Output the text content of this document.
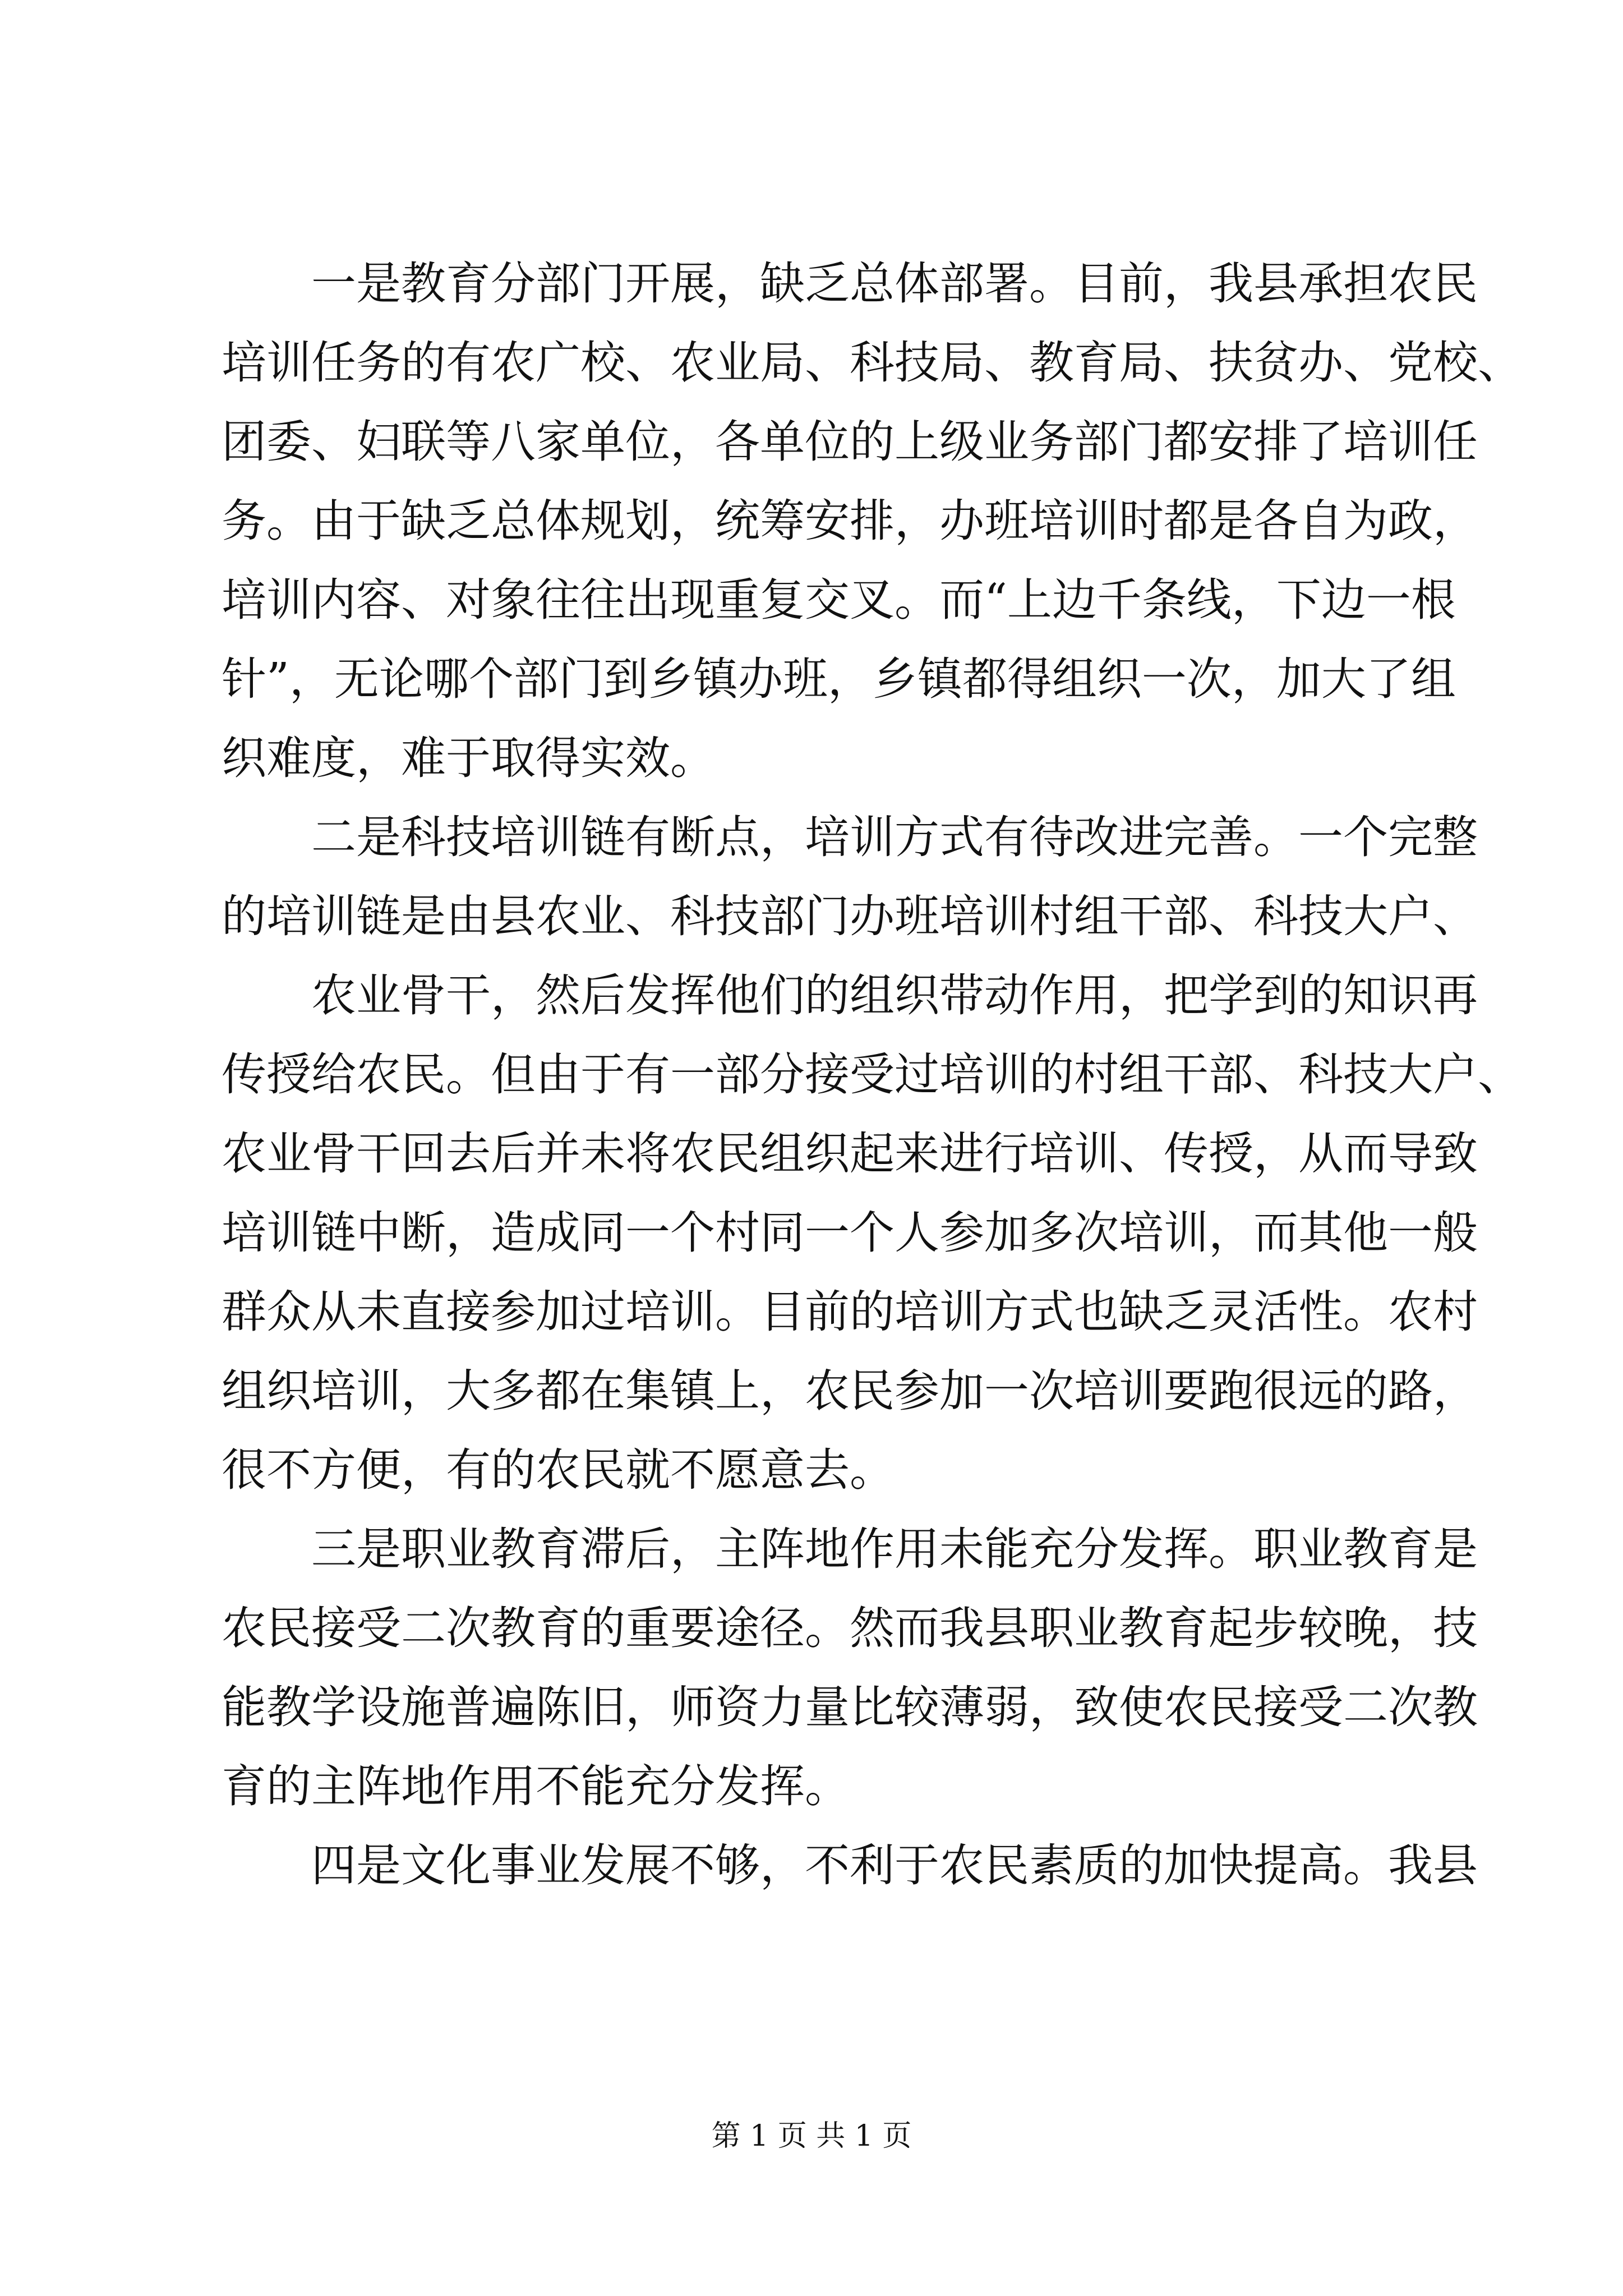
一是教育分部门开展，缺乏总体部署。目前，我县承担农民
培训任务的有农广校、农业局、科技局、教育局、扶贫办、党校、
团委、妇联等八家单位，各单位的上级业务部门都安排了培训任
务。由于缺乏总体规划，统筹安排，办班培训时都是各自为政，
培训内容、对象往往出现重复交叉。而“上边千条线，下边一根
针”，无论哪个部门到乡镇办班，乡镇都得组织一次，加大了组
织难度，难于取得实效。
二是科技培训链有断点，培训方式有待改进完善。一个完整
的培训链是由县农业、科技部门办班培训村组干部、科技大户、
农业骨干，然后发挥他们的组织带动作用，把学到的知识再
传授给农民。但由于有一部分接受过培训的村组干部、科技大户、
农业骨干回去后并未将农民组织起来进行培训、传授，从而导致
培训链中断，造成同一个村同一个人参加多次培训，而其他一般
群众从未直接参加过培训。目前的培训方式也缺乏灵活性。农村
组织培训，大多都在集镇上，农民参加一次培训要跑很远的路，
很不方便，有的农民就不愿意去。
三是职业教育滞后，主阵地作用未能充分发挥。职业教育是
农民接受二次教育的重要途径。然而我县职业教育起步较晚，技
能教学设施普遍陈旧，师资力量比较薄弱，致使农民接受二次教
育的主阵地作用不能充分发挥。
四是文化事业发展不够，不利于农民素质的加快提高。我县
第 1 页 共 1 页
